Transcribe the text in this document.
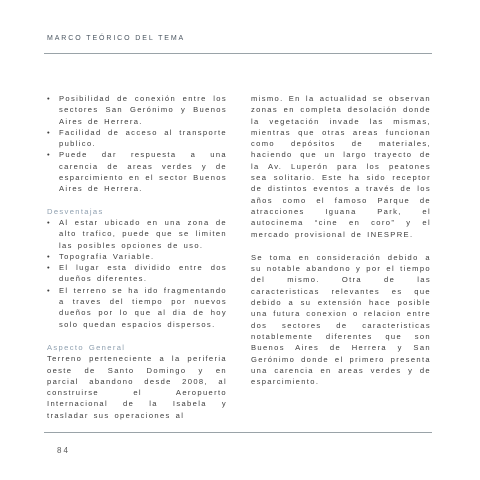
MARCO TEÓRICO DEL TEMA
• Posibilidad de conexión entre los sectores San Gerónimo y Buenos Aires de Herrera.
• Facilidad de acceso al transporte publico.
• Puede dar respuesta a una carencia de areas verdes y de esparcimiento en el sector Buenos Aires de Herrera.
Desventajas
• Al estar ubicado en una zona de alto trafico, puede que se limiten las posibles opciones de uso.
• Topografia Variable.
• El lugar esta dividido entre dos dueños diferentes.
• El terreno se ha ido fragmentando a traves del tiempo por nuevos dueños por lo que al dia de hoy solo quedan espacios dispersos.
Aspecto General

Terreno perteneciente a la periferia oeste de Santo Domingo y en parcial abandono desde 2008, al construirse el Aeropuerto Internacional de la Isabela y trasladar sus operaciones al

mismo. En la actualidad se observan zonas en completa desolación donde la vegetación invade las mismas, mientras que otras areas funcionan como depósitos de materiales, haciendo que un largo trayecto de la Av. Luperón para los peatones sea solitario. Este ha sido receptor de distintos eventos a través de los años como el famoso Parque de atracciones Iguana Park, el autocinema “cine en coro” y el mercado provisional de INESPRE.

Se toma en consideración debido a su notable abandono y por el tiempo del mismo. Otra de las caracteristicas relevantes es que debido a su extensión hace posible una futura conexion o relacion entre dos sectores de caracteristicas notablemente diferentes que son Buenos Aires de Herrera y San Gerónimo donde el primero presenta una carencia en areas verdes y de esparcimiento.

84
